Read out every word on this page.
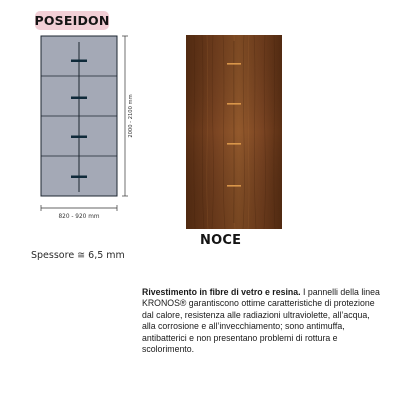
POSEIDON
2000 - 2100 mm
820 - 920 mm
NOCE
Spessore ≅ 6,5 mm

Rivestimento in fibre di vetro e resina. I pannelli della linea KRONOS® garantiscono ottime caratteristiche di protezione dal calore, resistenza alle radiazioni ultraviolette, all’acqua, alla corrosione e all’invecchiamento; sono antimuffa, antibatterici e non presentano problemi di rottura e scolorimento.
